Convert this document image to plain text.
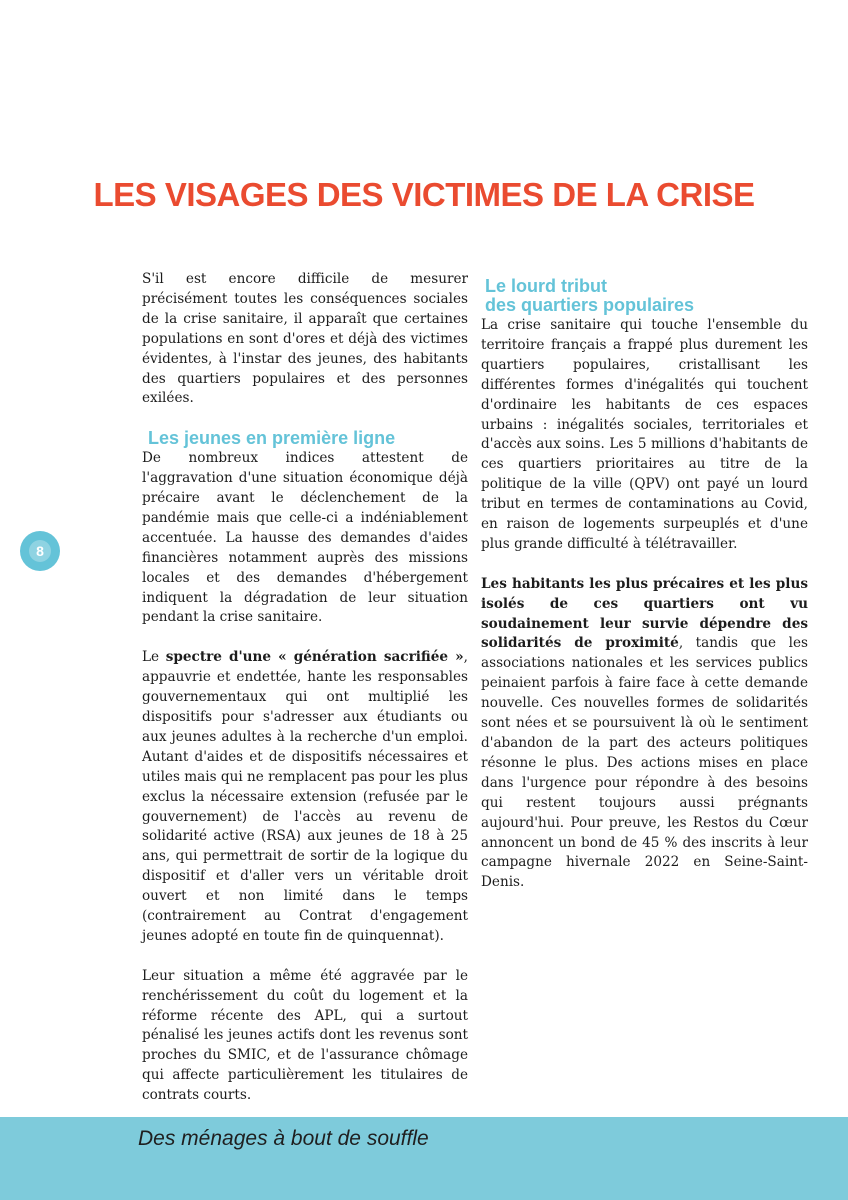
LES VISAGES DES VICTIMES DE LA CRISE
8

S'il est encore difficile de mesurer précisément toutes les conséquences sociales de la crise sanitaire, il apparaît que certaines populations en sont d'ores et déjà des victimes évidentes, à l'instar des jeunes, des habitants des quartiers populaires et des personnes exilées.

Les jeunes en première ligne

De nombreux indices attestent de l'aggravation d'une situation économique déjà précaire avant le déclenchement de la pandémie mais que celle-ci a indéniablement accentuée. La hausse des demandes d'aides financières notamment auprès des missions locales et des demandes d'hébergement indiquent la dégradation de leur situation pendant la crise sanitaire.

Le spectre d'une « génération sacrifiée », appauvrie et endettée, hante les responsables gouvernementaux qui ont multiplié les dispositifs pour s'adresser aux étudiants ou aux jeunes adultes à la recherche d'un emploi. Autant d'aides et de dispositifs nécessaires et utiles mais qui ne remplacent pas pour les plus exclus la nécessaire extension (refusée par le gouvernement) de l'accès au revenu de solidarité active (RSA) aux jeunes de 18 à 25 ans, qui permettrait de sortir de la logique du dispositif et d'aller vers un véritable droit ouvert et non limité dans le temps (contrairement au Contrat d'engagement jeunes adopté en toute fin de quinquennat).

Leur situation a même été aggravée par le renchérissement du coût du logement et la réforme récente des APL, qui a surtout pénalisé les jeunes actifs dont les revenus sont proches du SMIC, et de l'assurance chômage qui affecte particulièrement les titulaires de contrats courts.

Le lourd tribut
des quartiers populaires

La crise sanitaire qui touche l'ensemble du territoire français a frappé plus durement les quartiers populaires, cristallisant les différentes formes d'inégalités qui touchent d'ordinaire les habitants de ces espaces urbains : inégalités sociales, territoriales et d'accès aux soins. Les 5 millions d'habitants de ces quartiers prioritaires au titre de la politique de la ville (QPV) ont payé un lourd tribut en termes de contaminations au Covid, en raison de logements surpeuplés et d'une plus grande difficulté à télétravailler.

Les habitants les plus précaires et les plus isolés de ces quartiers ont vu soudainement leur survie dépendre des solidarités de proximité, tandis que les associations nationales et les services publics peinaient parfois à faire face à cette demande nouvelle. Ces nouvelles formes de solidarités sont nées et se poursuivent là où le sentiment d'abandon de la part des acteurs politiques résonne le plus. Des actions mises en place dans l'urgence pour répondre à des besoins qui restent toujours aussi prégnants aujourd'hui. Pour preuve, les Restos du Cœur annoncent un bond de 45 % des inscrits à leur campagne hivernale 2022 en Seine-Saint-Denis.

Des ménages à bout de souffle
